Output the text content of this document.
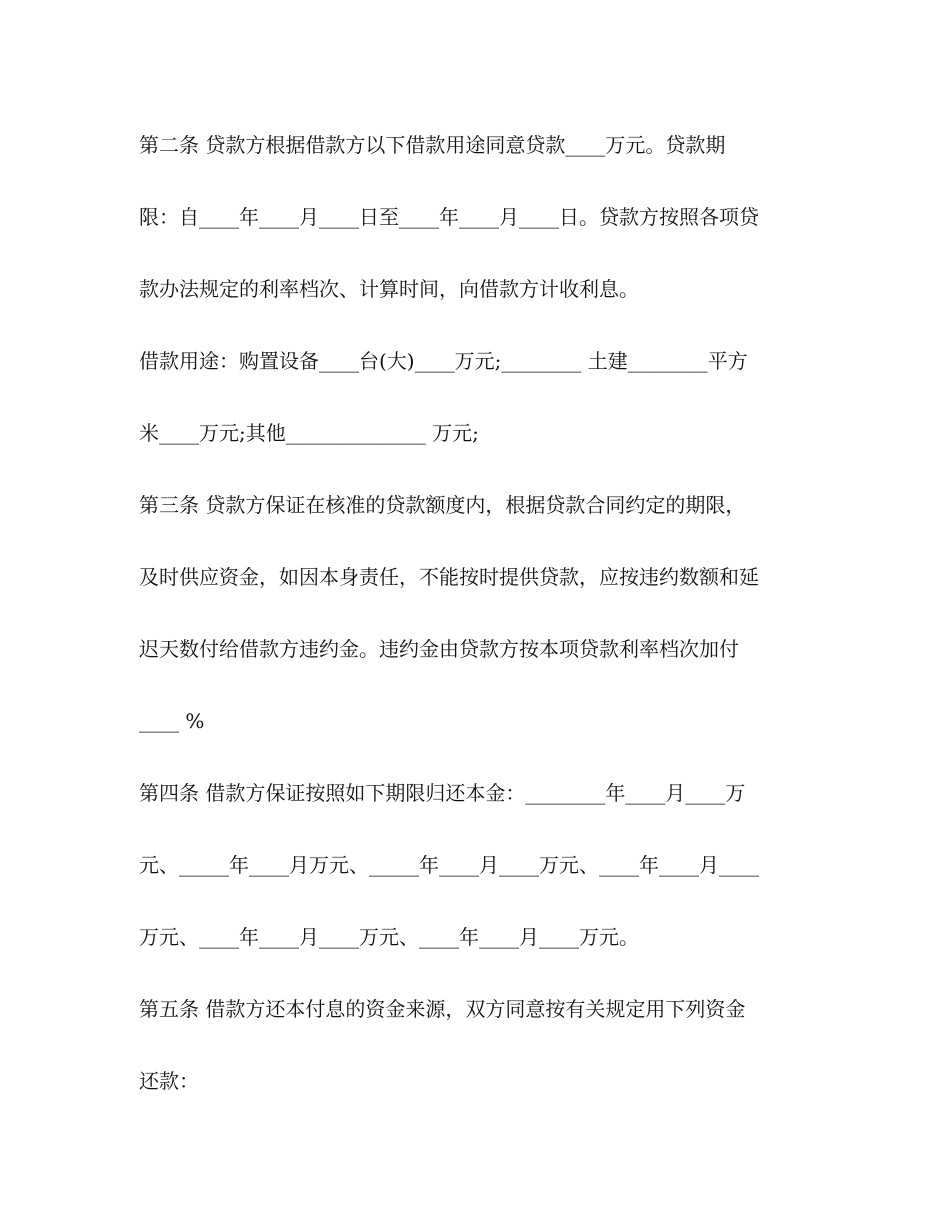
第二条 贷款方根据借款方以下借款用途同意贷款____万元。贷款期

限：自____年____月____日至____年____月____日。贷款方按照各项贷

款办法规定的利率档次、计算时间，向借款方计收利息。

借款用途：购置设备____台(大)____万元;________ 土建________平方

米____万元;其他______________ 万元;

第三条 贷款方保证在核准的贷款额度内，根据贷款合同约定的期限，

及时供应资金，如因本身责任，不能按时提供贷款，应按违约数额和延

迟天数付给借款方违约金。违约金由贷款方按本项贷款利率档次加付

____ %

第四条 借款方保证按照如下期限归还本金：________年____月____万

元、_____年____月万元、_____年____月____万元、____年____月____

万元、____年____月____万元、____年____月____万元。

第五条 借款方还本付息的资金来源，双方同意按有关规定用下列资金

还款：
